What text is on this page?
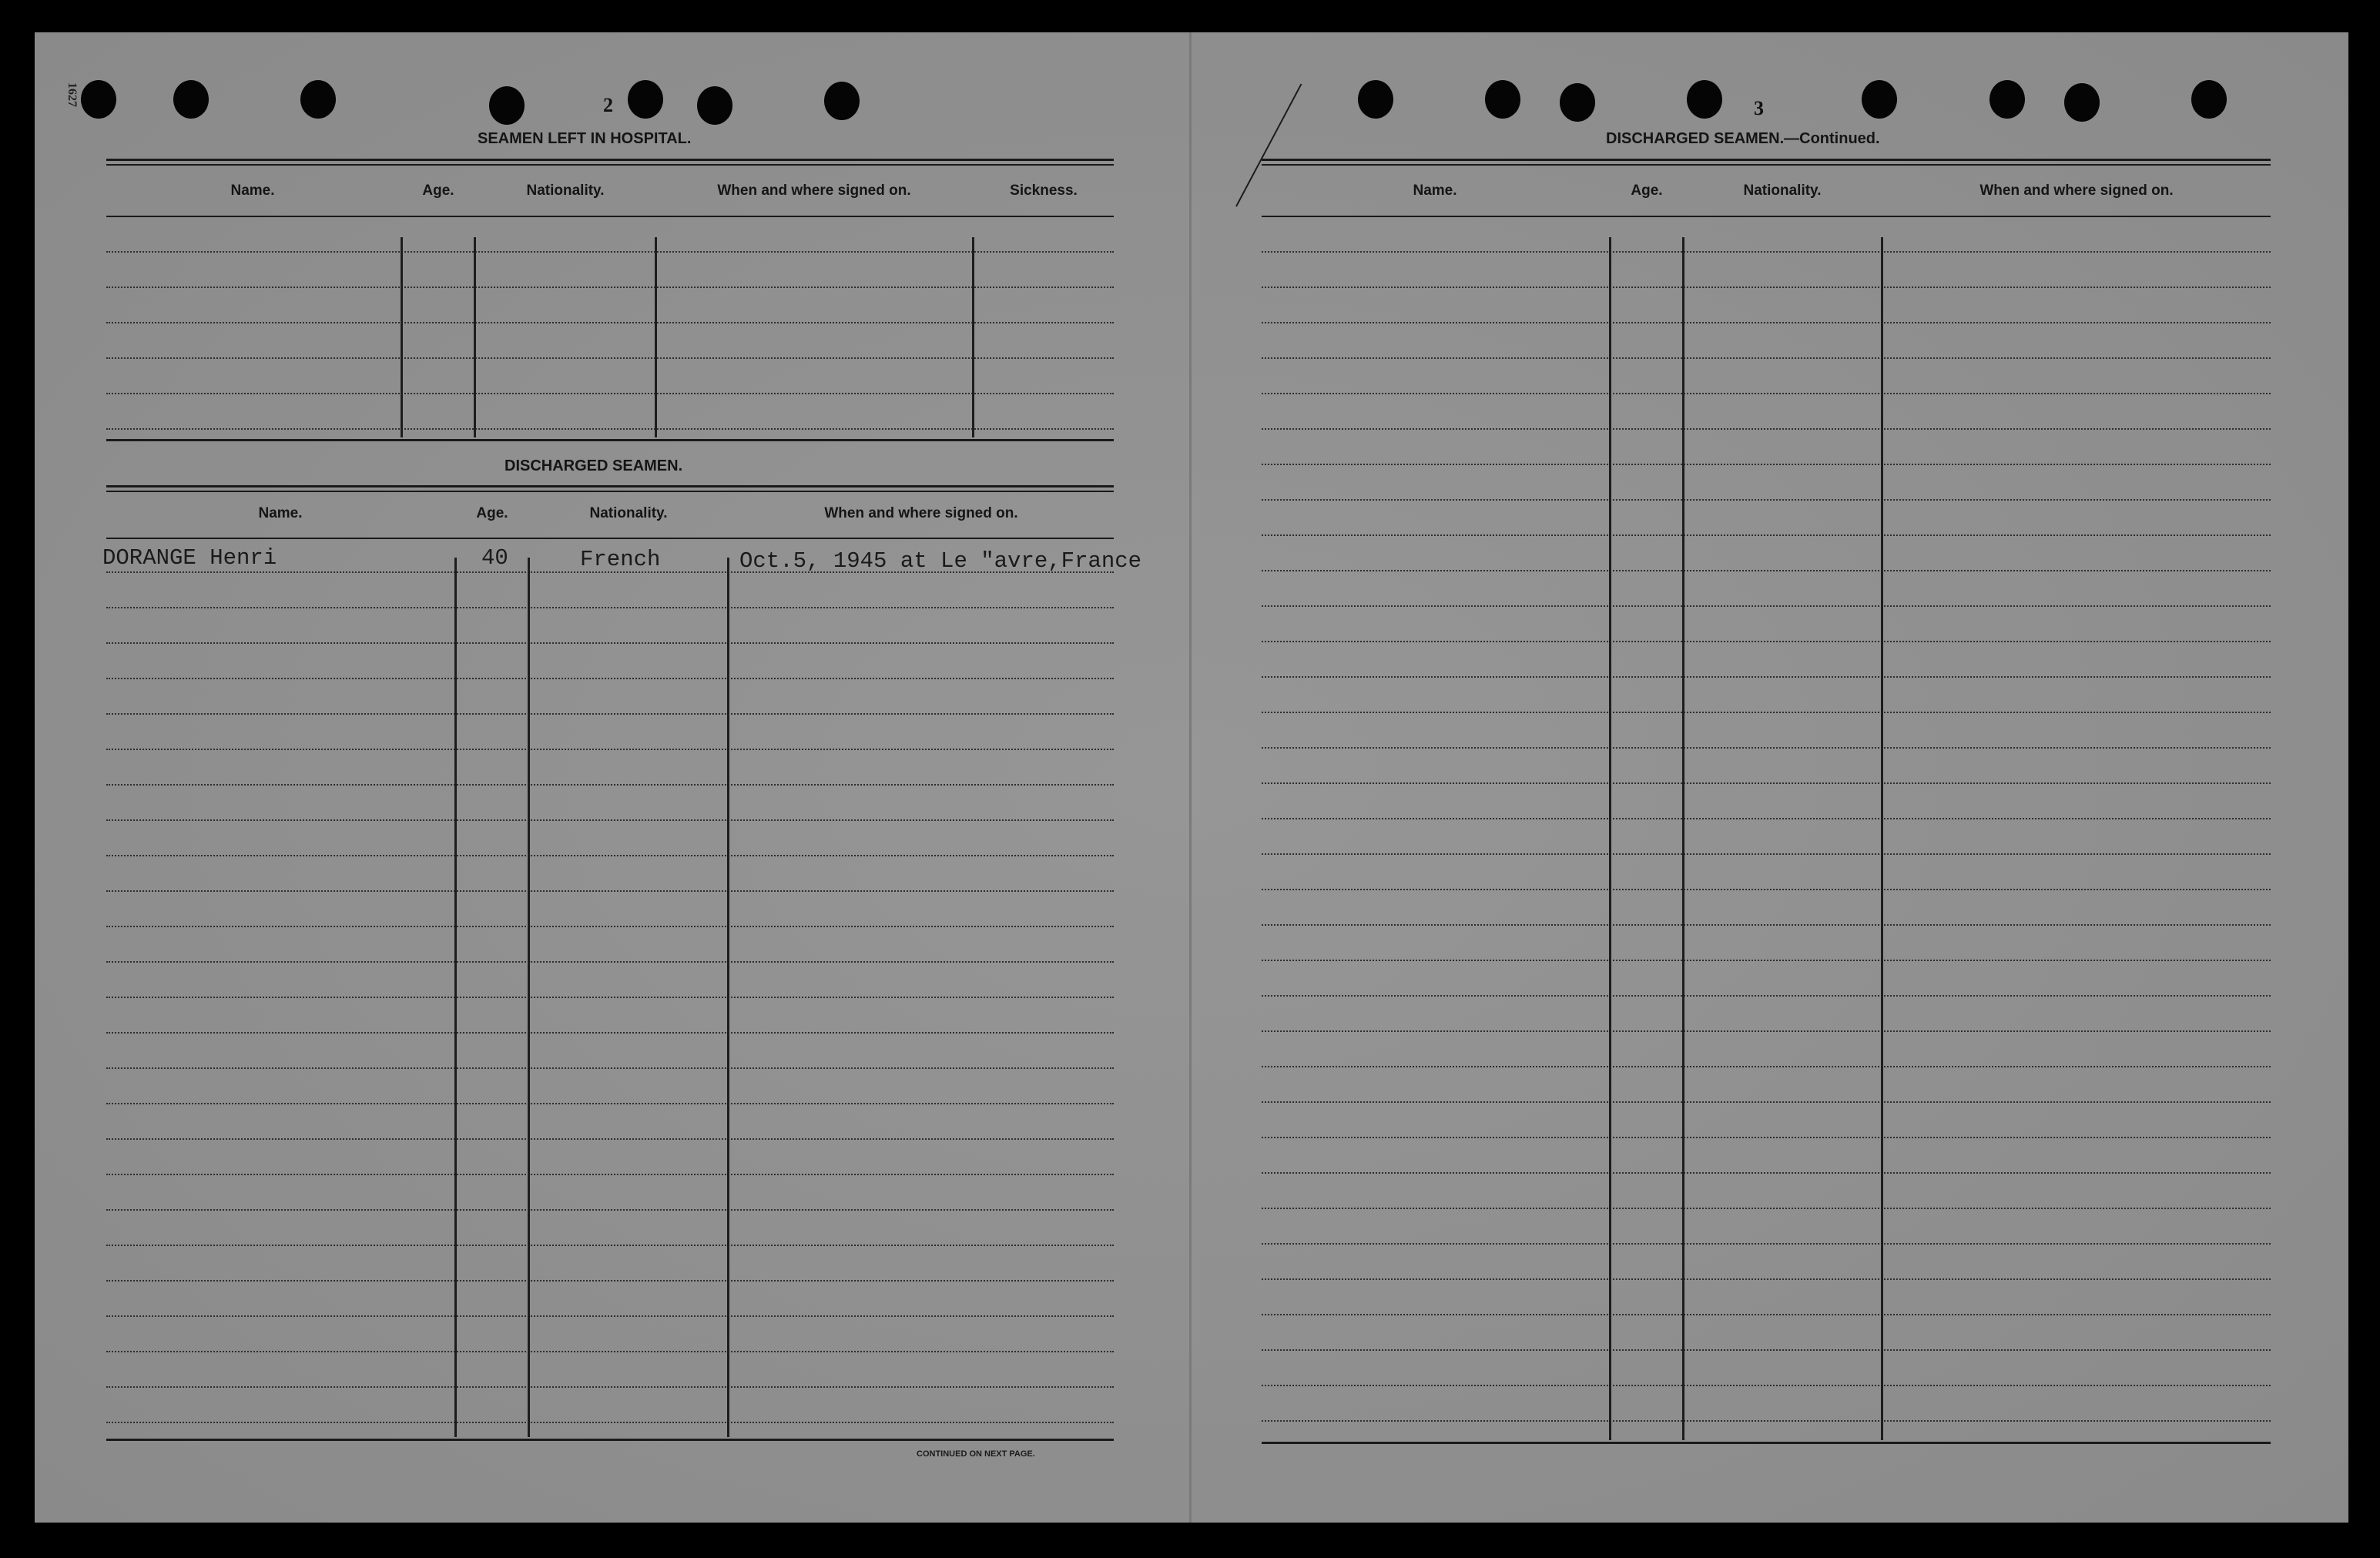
1627	2
SEAMEN LEFT IN HOSPITAL.
Name.	Age.	Nationality.	When and where signed on.	Sickness.
DISCHARGED SEAMEN.
Name.	Age.	Nationality.	When and where signed on.
DORANGE Henri	40	French	Oct.5, 1945 at Le "avre,France
CONTINUED ON NEXT PAGE.
3
DISCHARGED SEAMEN.—Continued.
Name.	Age.	Nationality.	When and where signed on.
